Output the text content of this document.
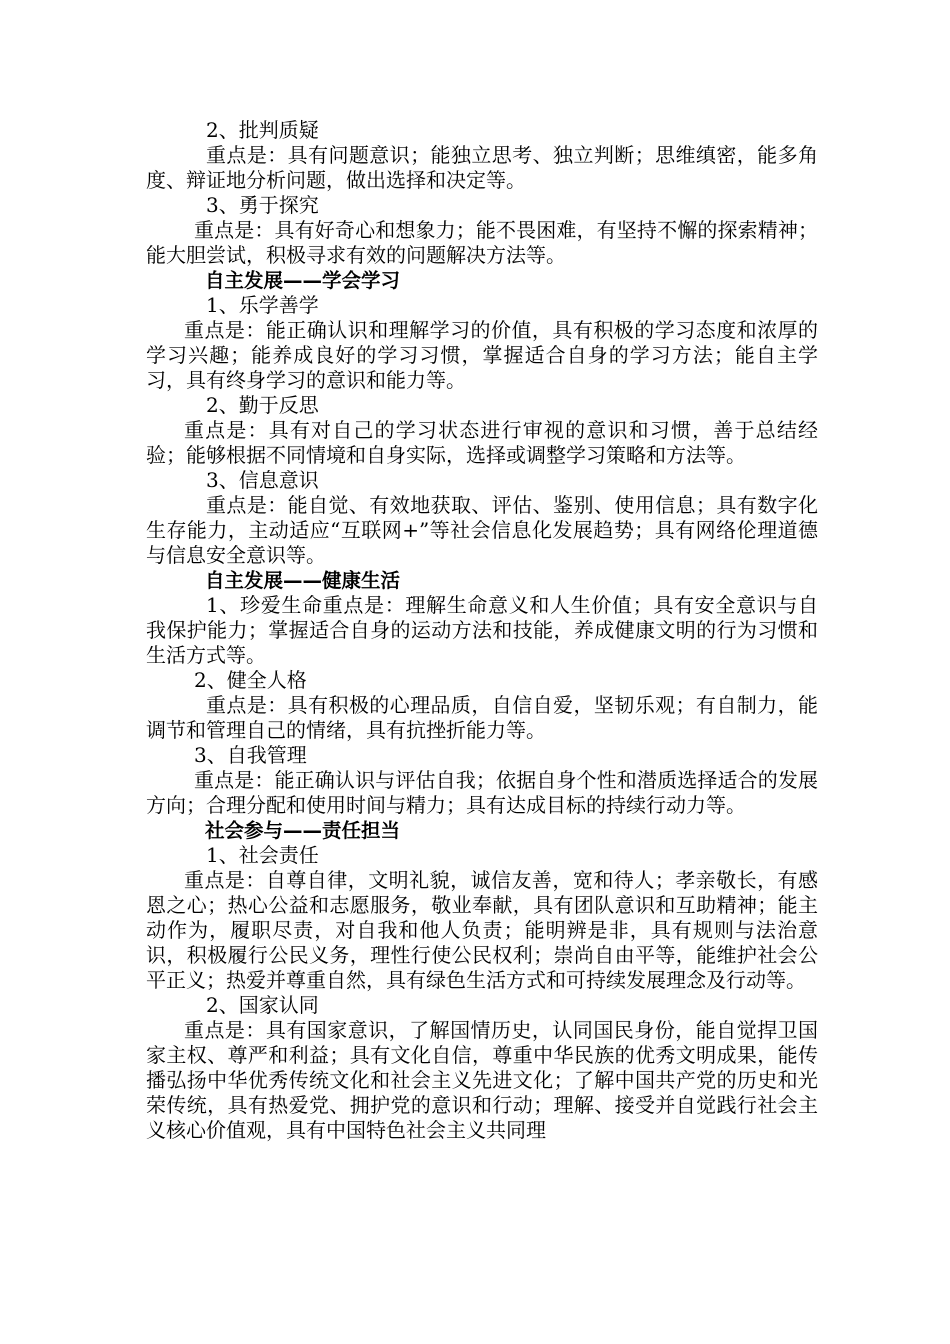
2、批判质疑
重点是：具有问题意识；能独立思考、独立判断；思维缜密，能多角度、辩证地分析问题，做出选择和决定等。
3、勇于探究
重点是：具有好奇心和想象力；能不畏困难，有坚持不懈的探索精神；能大胆尝试，积极寻求有效的问题解决方法等。
自主发展——学会学习
1、乐学善学
重点是：能正确认识和理解学习的价值，具有积极的学习态度和浓厚的学习兴趣；能养成良好的学习习惯，掌握适合自身的学习方法；能自主学习，具有终身学习的意识和能力等。
2、勤于反思
重点是：具有对自己的学习状态进行审视的意识和习惯，善于总结经验；能够根据不同情境和自身实际，选择或调整学习策略和方法等。
3、信息意识
重点是：能自觉、有效地获取、评估、鉴别、使用信息；具有数字化生存能力，主动适应“互联网+”等社会信息化发展趋势；具有网络伦理道德与信息安全意识等。
自主发展——健康生活
1、珍爱生命重点是：理解生命意义和人生价值；具有安全意识与自我保护能力；掌握适合自身的运动方法和技能，养成健康文明的行为习惯和生活方式等。
2、健全人格
重点是：具有积极的心理品质，自信自爱，坚韧乐观；有自制力，能调节和管理自己的情绪，具有抗挫折能力等。
3、自我管理
重点是：能正确认识与评估自我；依据自身个性和潜质选择适合的发展方向；合理分配和使用时间与精力；具有达成目标的持续行动力等。
社会参与——责任担当
1、社会责任
重点是：自尊自律，文明礼貌，诚信友善，宽和待人；孝亲敬长，有感恩之心；热心公益和志愿服务，敬业奉献，具有团队意识和互助精神；能主动作为，履职尽责，对自我和他人负责；能明辨是非，具有规则与法治意识，积极履行公民义务，理性行使公民权利；崇尚自由平等，能维护社会公平正义；热爱并尊重自然，具有绿色生活方式和可持续发展理念及行动等。
2、国家认同
重点是：具有国家意识，了解国情历史，认同国民身份，能自觉捍卫国家主权、尊严和利益；具有文化自信，尊重中华民族的优秀文明成果，能传播弘扬中华优秀传统文化和社会主义先进文化；了解中国共产党的历史和光荣传统，具有热爱党、拥护党的意识和行动；理解、接受并自觉践行社会主义核心价值观，具有中国特色社会主义共同理
